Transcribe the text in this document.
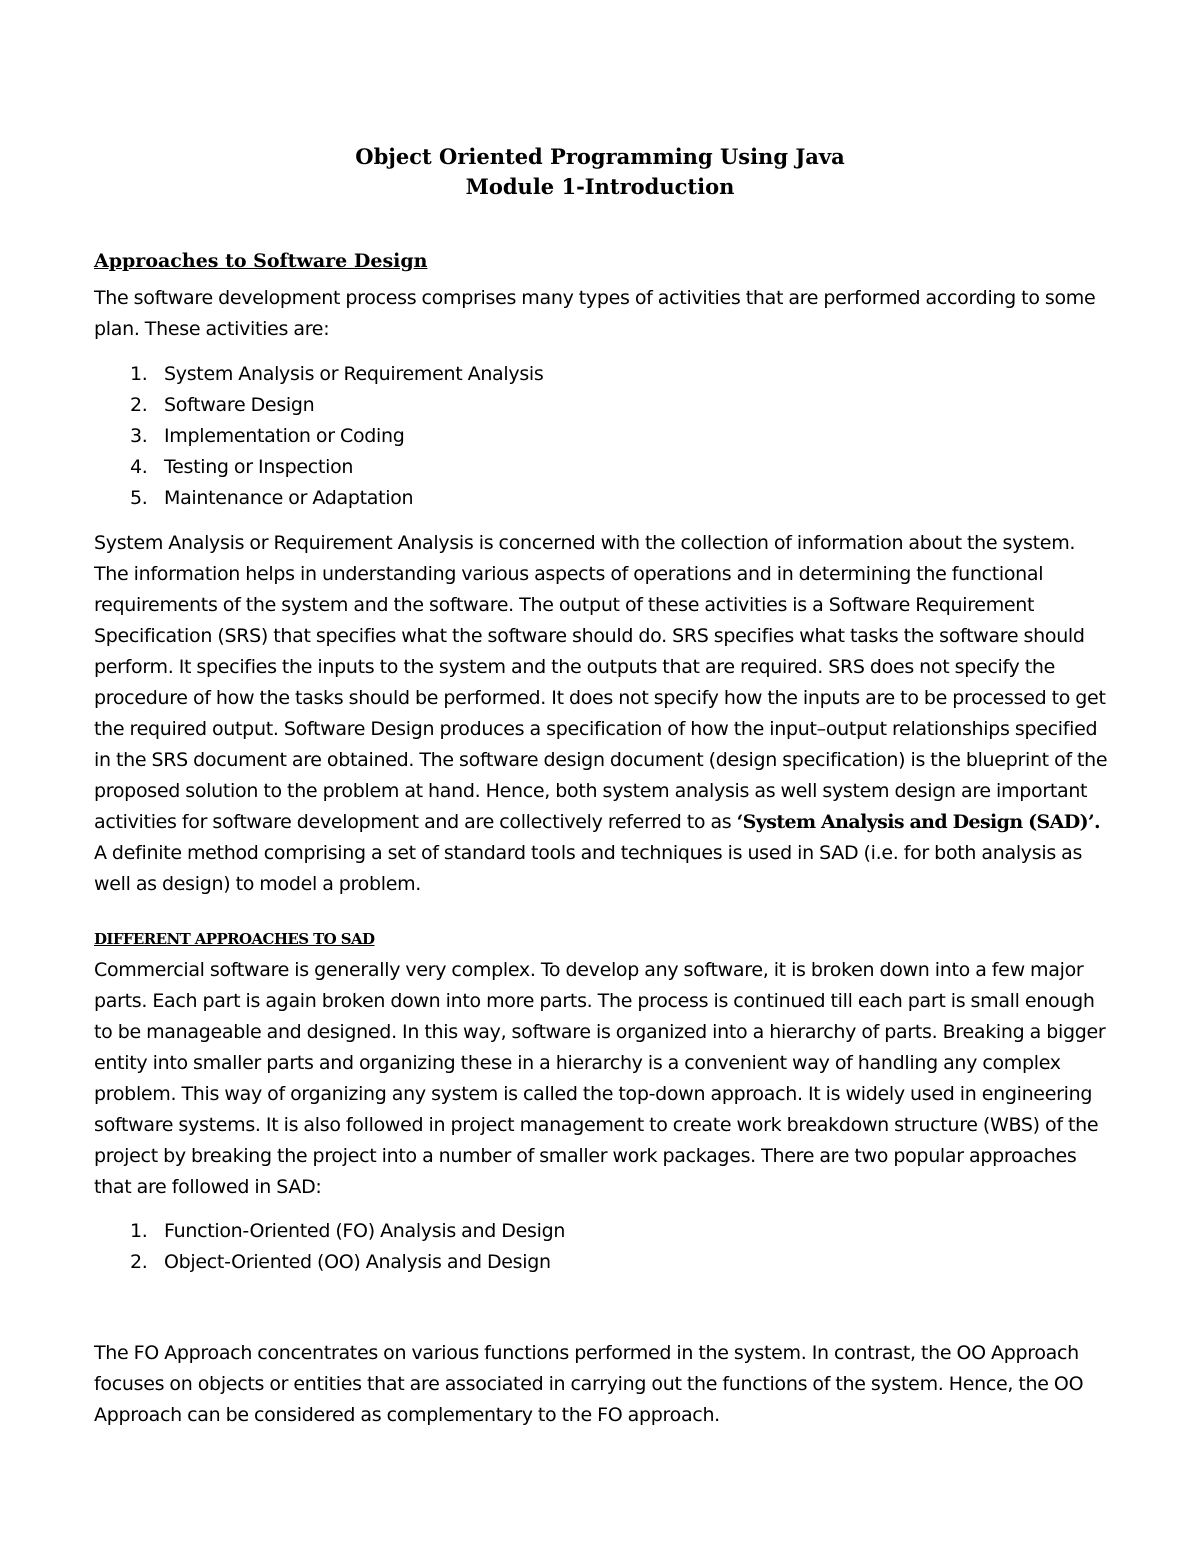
Object Oriented Programming Using Java
Module 1-Introduction
Approaches to Software Design
The software development process comprises many types of activities that are performed according to some
plan. These activities are:
1. System Analysis or Requirement Analysis
2. Software Design
3. Implementation or Coding
4. Testing or Inspection
5. Maintenance or Adaptation
System Analysis or Requirement Analysis is concerned with the collection of information about the system.
The information helps in understanding various aspects of operations and in determining the functional
requirements of the system and the software. The output of these activities is a Software Requirement
Specification (SRS) that specifies what the software should do. SRS specifies what tasks the software should
perform. It specifies the inputs to the system and the outputs that are required. SRS does not specify the
procedure of how the tasks should be performed. It does not specify how the inputs are to be processed to get
the required output. Software Design produces a specification of how the input–output relationships specified
in the SRS document are obtained. The software design document (design specification) is the blueprint of the
proposed solution to the problem at hand. Hence, both system analysis as well system design are important
activities for software development and are collectively referred to as ‘System Analysis and Design (SAD)’.
A definite method comprising a set of standard tools and techniques is used in SAD (i.e. for both analysis as
well as design) to model a problem.
DIFFERENT APPROACHES TO SAD
Commercial software is generally very complex. To develop any software, it is broken down into a few major
parts. Each part is again broken down into more parts. The process is continued till each part is small enough
to be manageable and designed. In this way, software is organized into a hierarchy of parts. Breaking a bigger
entity into smaller parts and organizing these in a hierarchy is a convenient way of handling any complex
problem. This way of organizing any system is called the top-down approach. It is widely used in engineering
software systems. It is also followed in project management to create work breakdown structure (WBS) of the
project by breaking the project into a number of smaller work packages. There are two popular approaches
that are followed in SAD:
1. Function-Oriented (FO) Analysis and Design
2. Object-Oriented (OO) Analysis and Design
The FO Approach concentrates on various functions performed in the system. In contrast, the OO Approach
focuses on objects or entities that are associated in carrying out the functions of the system. Hence, the OO
Approach can be considered as complementary to the FO approach.
